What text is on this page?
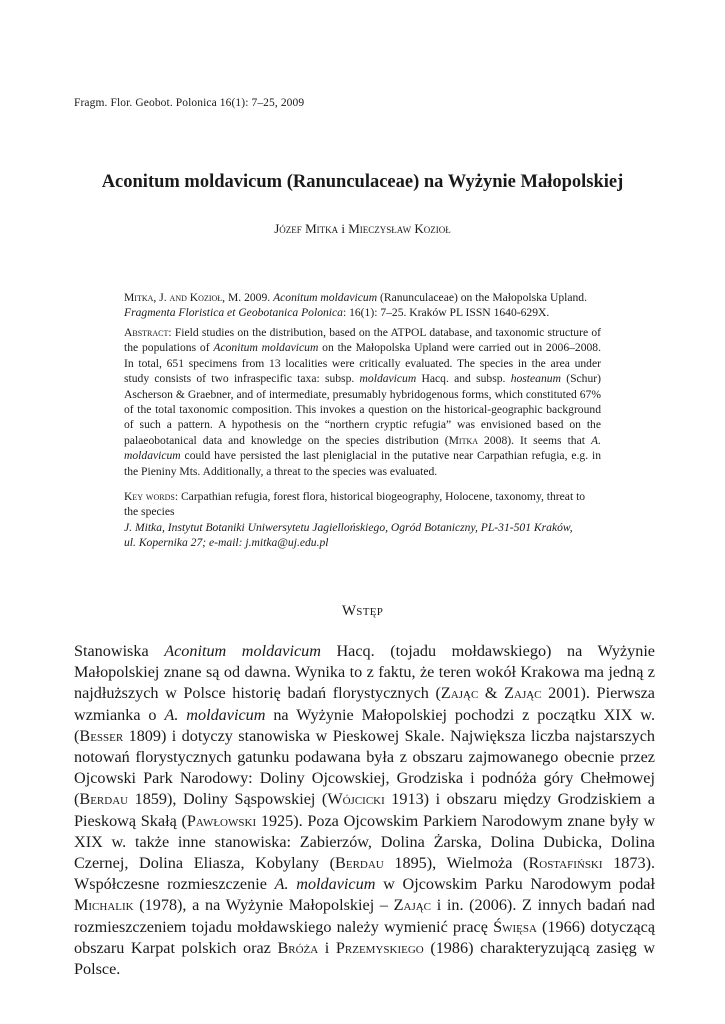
Fragm. Flor. Geobot. Polonica 16(1): 7–25, 2009
Aconitum moldavicum (Ranunculaceae) na Wyżynie Małopolskiej
Józef Mitka i Mieczysław Kozioł

Mitka, J. and Kozioł, M. 2009. Aconitum moldavicum (Ranunculaceae) on the Małopolska Upland.
Fragmenta Floristica et Geobotanica Polonica: 16(1): 7–25. Kraków PL ISSN 1640-629X.

Abstract: Field studies on the distribution, based on the ATPOL database, and taxonomic structure of the populations of Aconitum moldavicum on the Małopolska Upland were carried out in 2006–2008. In total, 651 specimens from 13 localities were critically evaluated. The species in the area under study consists of two infraspecific taxa: subsp. moldavicum Hacq. and subsp. hosteanum (Schur) Ascherson & Graebner, and of intermediate, presumably hybridogenous forms, which constituted 67% of the total taxonomic composition. This invokes a question on the historical-geographic background of such a pattern. A hypothesis on the “northern cryptic refugia” was envisioned based on the palaeobotanical data and knowledge on the species distribution (Mitka 2008). It seems that A. moldavicum could have persisted the last pleniglacial in the putative near Carpathian refugia, e.g. in the Pieniny Mts. Additionally, a threat to the species was evaluated.

Key words: Carpathian refugia, forest flora, historical biogeography, Holocene, taxonomy, threat to the species

J. Mitka, Instytut Botaniki Uniwersytetu Jagiellońskiego, Ogród Botaniczny, PL-31-501 Kraków,
ul. Kopernika 27; e-mail: j.mitka@uj.edu.pl

Wstęp

Stanowiska Aconitum moldavicum Hacq. (tojadu mołdawskiego) na Wyżynie Małopolskiej znane są od dawna. Wynika to z faktu, że teren wokół Krakowa ma jedną z najdłuższych w Polsce historię badań florystycznych (Zając & Zając 2001). Pierwsza wzmianka o A. moldavicum na Wyżynie Małopolskiej pochodzi z początku XIX w. (Besser 1809) i dotyczy stanowiska w Pieskowej Skale. Największa liczba najstarszych notowań florystycznych gatunku podawana była z obszaru zajmowanego obecnie przez Ojcowski Park Narodowy: Doliny Ojcowskiej, Grodziska i podnóża góry Chełmowej (Berdau 1859), Doliny Sąspowskiej (Wójcicki 1913) i obszaru między Grodziskiem a Pieskową Skałą (Pawłowski 1925). Poza Ojcowskim Parkiem Narodowym znane były w XIX w. także inne stanowiska: Zabierzów, Dolina Żarska, Dolina Dubicka, Dolina Czernej, Dolina Eliasza, Kobylany (Berdau 1895), Wielmoża (Rostafiński 1873). Współczesne rozmieszczenie A. moldavicum w Ojcowskim Parku Narodowym podał Michalik (1978), a na Wyżynie Małopolskiej – Zając i in. (2006). Z innych badań nad rozmieszczeniem tojadu mołdawskiego należy wymienić pracę Święsa (1966) dotyczącą obszaru Karpat polskich oraz Bróża i Przemyskiego (1986) charakteryzującą zasięg w Polsce.
